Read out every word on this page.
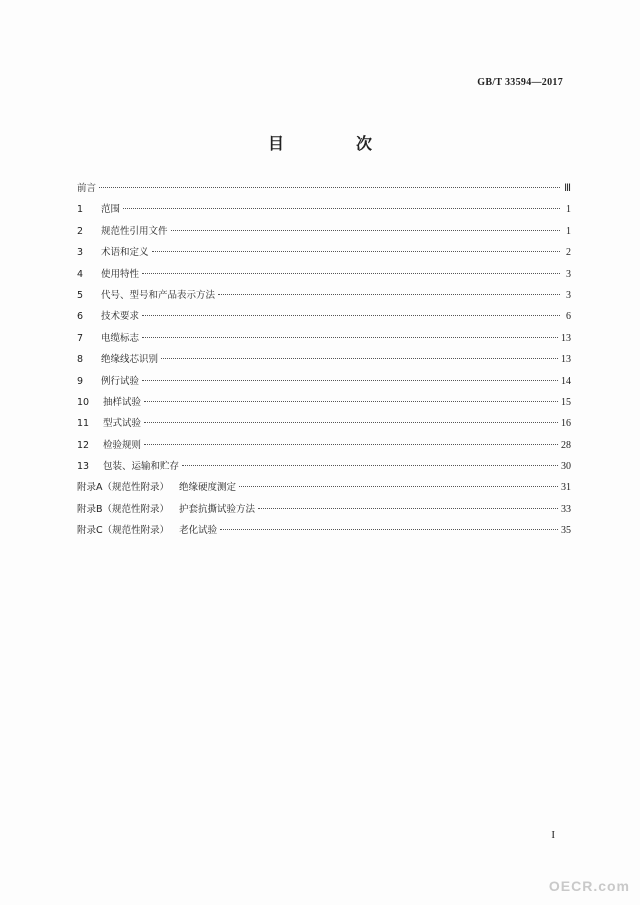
GB/T 33594—2017
目　次
前言	Ⅲ
1	范围	1
2	规范性引用文件	1
3	术语和定义	2
4	使用特性	3
5	代号、型号和产品表示方法	3
6	技术要求	6
7	电缆标志	13
8	绝缘线芯识别	13
9	例行试验	14
10	抽样试验	15
11	型式试验	16
12	检验规则	28
13	包装、运输和贮存	30
附录A（规范性附录）	绝缘硬度测定	31
附录B（规范性附录）	护套抗撕试验方法	33
附录C（规范性附录）	老化试验	35
I
OECR.com
